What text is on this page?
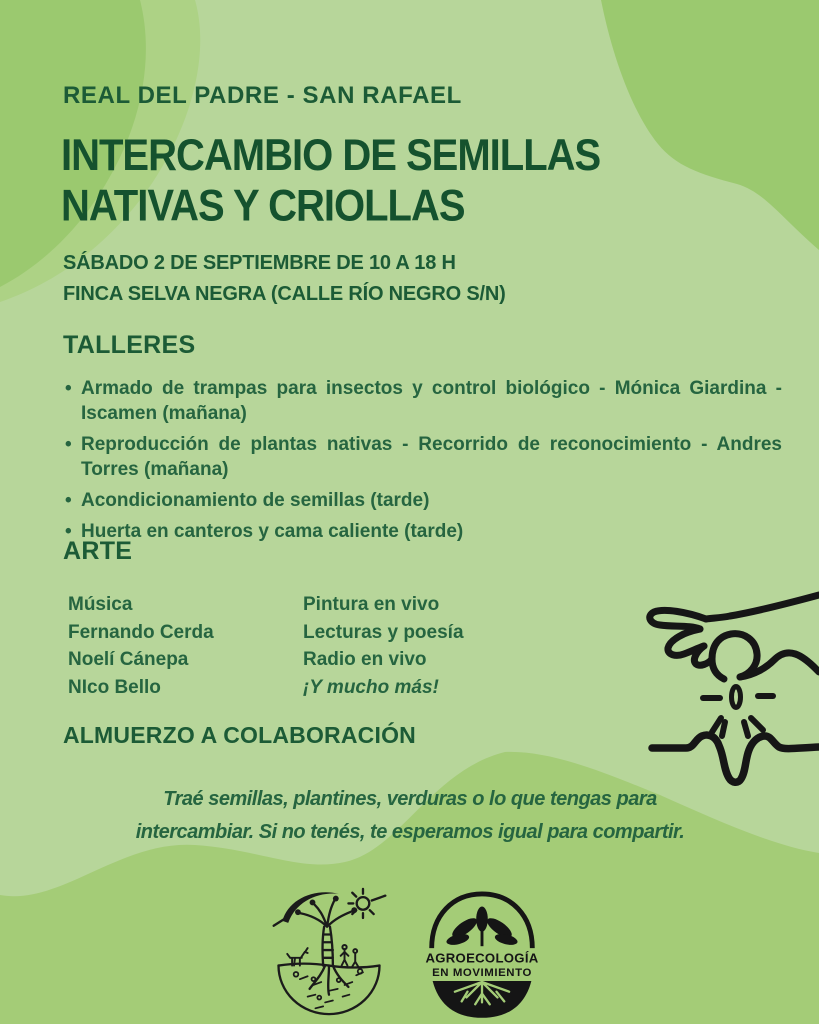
REAL DEL PADRE - SAN RAFAEL
INTERCAMBIO DE SEMILLAS
NATIVAS Y CRIOLLAS
SÁBADO 2 DE SEPTIEMBRE DE 10 A 18 H
FINCA SELVA NEGRA (CALLE RÍO NEGRO S/N)
TALLERES
• Armado de trampas para insectos y control biológico - Mónica Giardina - Iscamen (mañana)
• Reproducción de plantas nativas - Recorrido de reconocimiento - Andres Torres (mañana)
• Acondicionamiento de semillas (tarde)
• Huerta en canteros y cama caliente (tarde)
ARTE
Música
Fernando Cerda
Noelí Cánepa
NIco Bello
Pintura en vivo
Lecturas y poesía
Radio en vivo
¡Y mucho más!
ALMUERZO A COLABORACIÓN
Traé semillas, plantines, verduras o lo que tengas para
intercambiar. Si no tenés, te esperamos igual para compartir.
AGROECOLOGÍA
EN MOVIMIENTO
